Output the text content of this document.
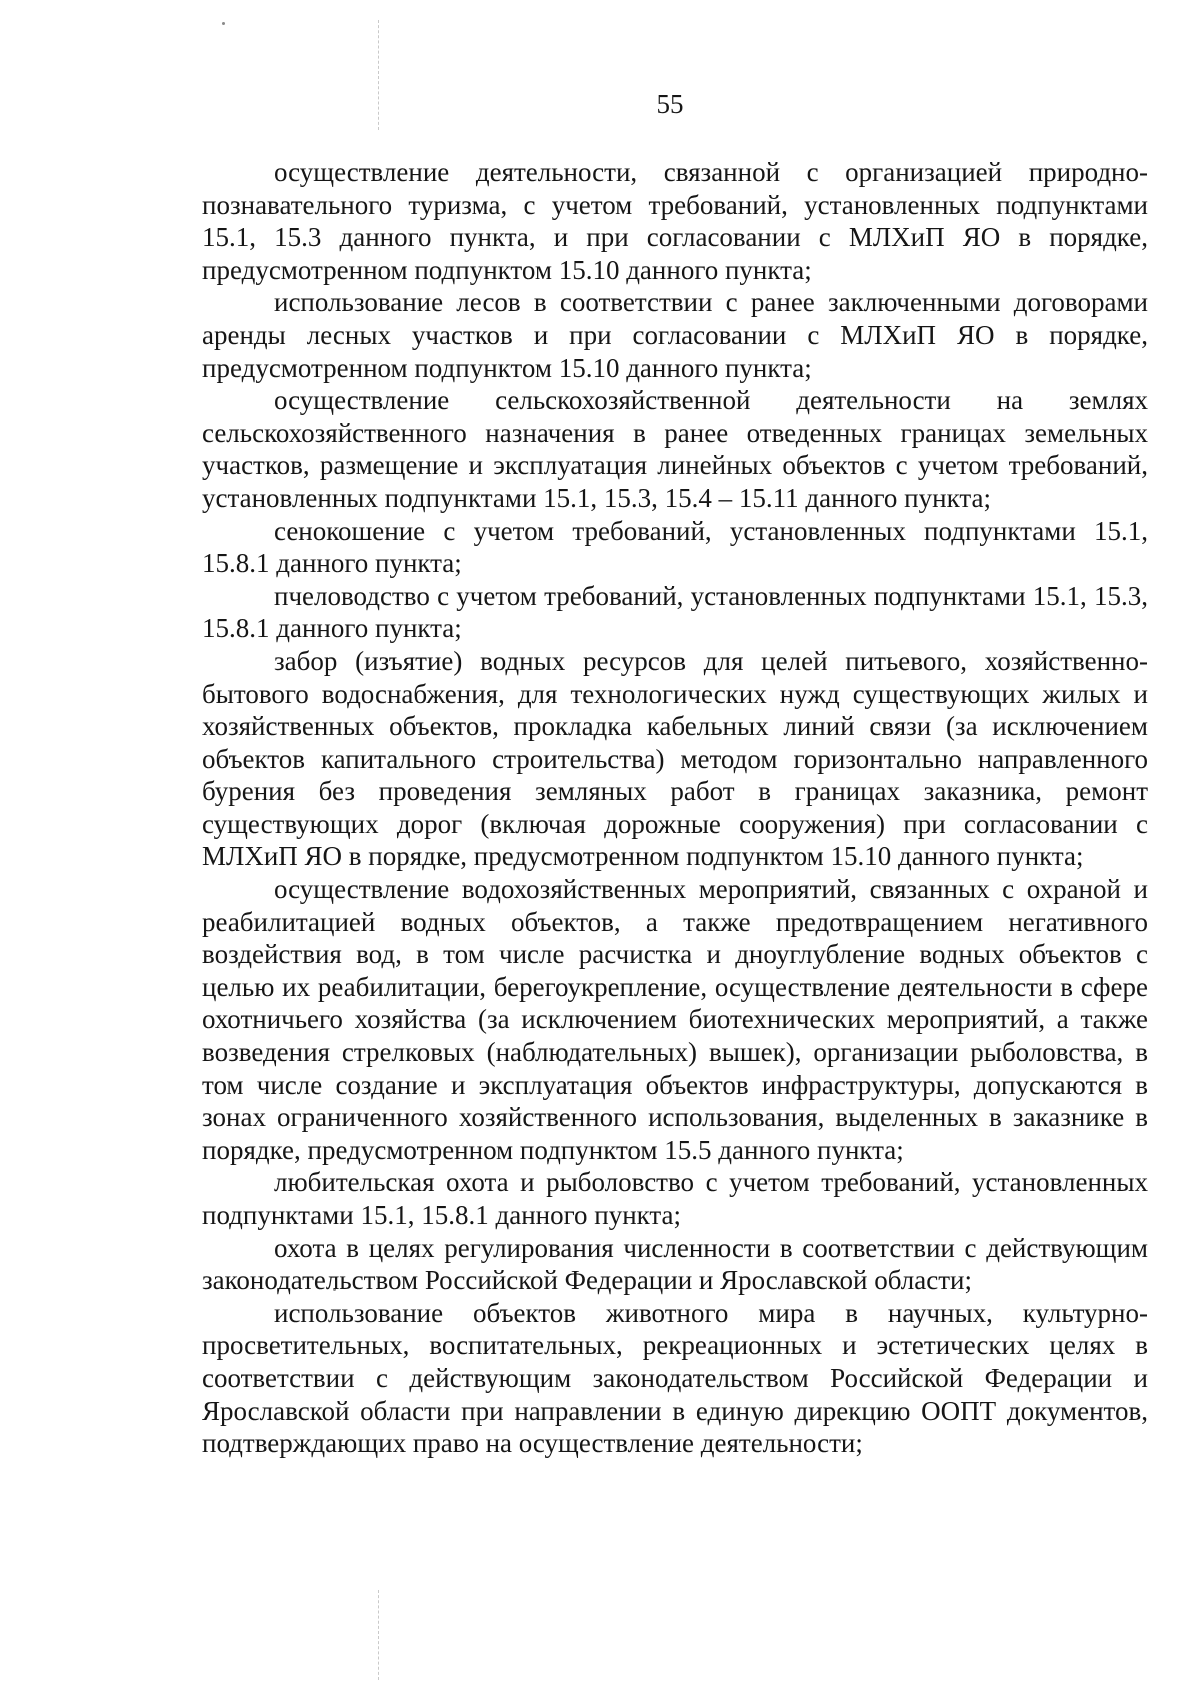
55

осуществление деятельности, связанной с организацией природно-познавательного туризма, с учетом требований, установленных подпунктами 15.1, 15.3 данного пункта, и при согласовании с МЛХиП ЯО в порядке, предусмотренном подпунктом 15.10 данного пункта;

использование лесов в соответствии с ранее заключенными договорами аренды лесных участков и при согласовании с МЛХиП ЯО в порядке, предусмотренном подпунктом 15.10 данного пункта;

осуществление сельскохозяйственной деятельности на землях сельскохозяйственного назначения в ранее отведенных границах земельных участков, размещение и эксплуатация линейных объектов с учетом требований, установленных подпунктами 15.1, 15.3, 15.4 – 15.11 данного пункта;

сенокошение с учетом требований, установленных подпунктами 15.1, 15.8.1 данного пункта;

пчеловодство с учетом требований, установленных подпунктами 15.1, 15.3, 15.8.1 данного пункта;

забор (изъятие) водных ресурсов для целей питьевого, хозяйственно-бытового водоснабжения, для технологических нужд существующих жилых и хозяйственных объектов, прокладка кабельных линий связи (за исключением объектов капитального строительства) методом горизонтально направленного бурения без проведения земляных работ в границах заказника, ремонт существующих дорог (включая дорожные сооружения) при согласовании с МЛХиП ЯО в порядке, предусмотренном подпунктом 15.10 данного пункта;

осуществление водохозяйственных мероприятий, связанных с охраной и реабилитацией водных объектов, а также предотвращением негативного воздействия вод, в том числе расчистка и дноуглубление водных объектов с целью их реабилитации, берегоукрепление, осуществление деятельности в сфере охотничьего хозяйства (за исключением биотехнических мероприятий, а также возведения стрелковых (наблюдательных) вышек), организации рыболовства, в том числе создание и эксплуатация объектов инфраструктуры, допускаются в зонах ограниченного хозяйственного использования, выделенных в заказнике в порядке, предусмотренном подпунктом 15.5 данного пункта;

любительская охота и рыболовство с учетом требований, установленных подпунктами 15.1, 15.8.1 данного пункта;

охота в целях регулирования численности в соответствии с действующим законодательством Российской Федерации и Ярославской области;

использование объектов животного мира в научных, культурно-просветительных, воспитательных, рекреационных и эстетических целях в соответствии с действующим законодательством Российской Федерации и Ярославской области при направлении в единую дирекцию ООПТ документов, подтверждающих право на осуществление деятельности;
